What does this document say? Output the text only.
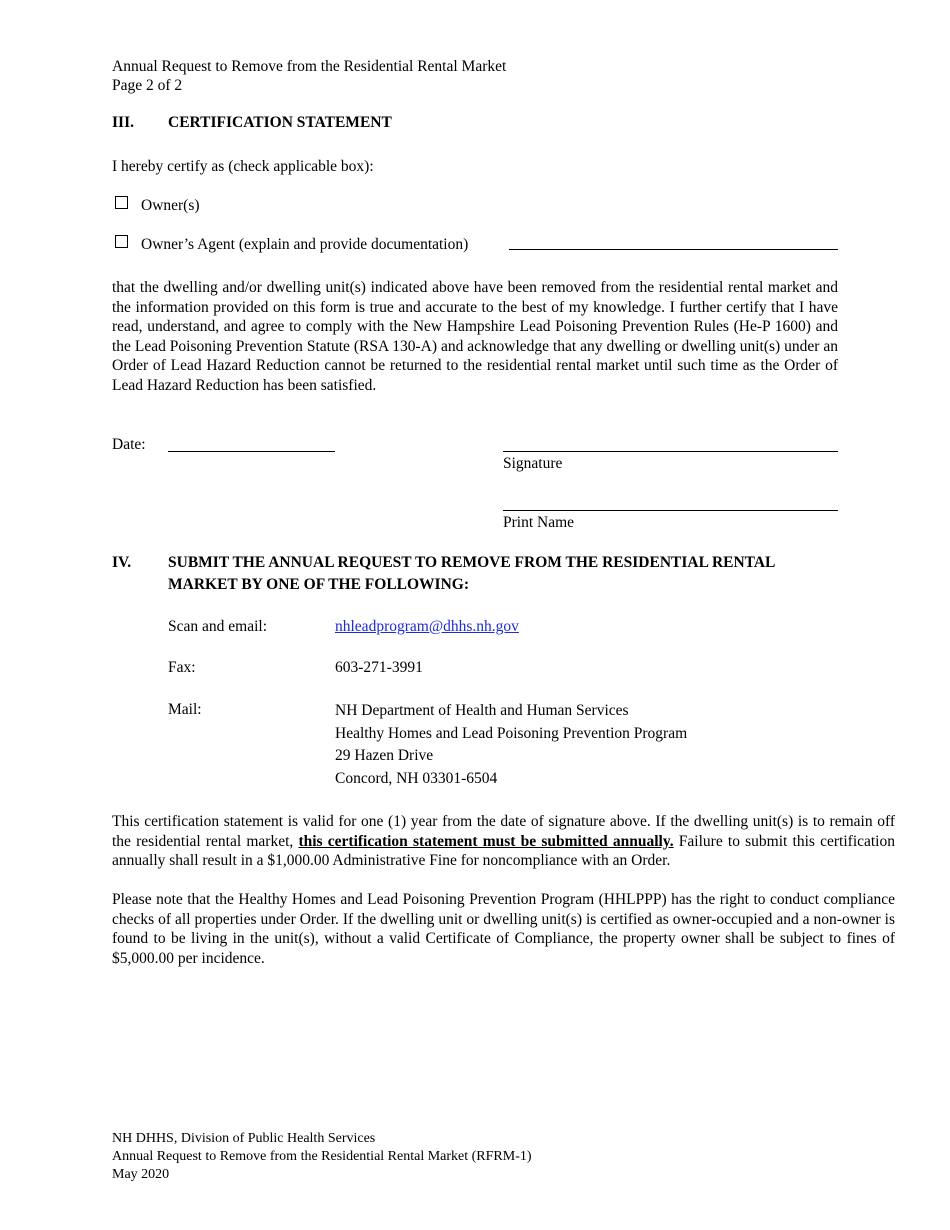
Annual Request to Remove from the Residential Rental Market
Page 2 of 2
III. CERTIFICATION STATEMENT
I hereby certify as (check applicable box):
Owner(s)
Owner’s Agent (explain and provide documentation)
that the dwelling and/or dwelling unit(s) indicated above have been removed from the residential rental market and the information provided on this form is true and accurate to the best of my knowledge. I further certify that I have read, understand, and agree to comply with the New Hampshire Lead Poisoning Prevention Rules (He-P 1600) and the Lead Poisoning Prevention Statute (RSA 130-A) and acknowledge that any dwelling or dwelling unit(s) under an Order of Lead Hazard Reduction cannot be returned to the residential rental market until such time as the Order of Lead Hazard Reduction has been satisfied.
Date:
Signature
Print Name
IV. SUBMIT THE ANNUAL REQUEST TO REMOVE FROM THE RESIDENTIAL RENTAL
MARKET BY ONE OF THE FOLLOWING:
Scan and email:	nhleadprogram@dhhs.nh.gov
Fax:	603-271-3991
Mail:	NH Department of Health and Human Services
Healthy Homes and Lead Poisoning Prevention Program
29 Hazen Drive
Concord, NH 03301-6504
This certification statement is valid for one (1) year from the date of signature above. If the dwelling unit(s) is to remain off the residential rental market, this certification statement must be submitted annually. Failure to submit this certification annually shall result in a $1,000.00 Administrative Fine for noncompliance with an Order.
Please note that the Healthy Homes and Lead Poisoning Prevention Program (HHLPPP) has the right to conduct compliance checks of all properties under Order. If the dwelling unit or dwelling unit(s) is certified as owner-occupied and a non-owner is found to be living in the unit(s), without a valid Certificate of Compliance, the property owner shall be subject to fines of $5,000.00 per incidence.
NH DHHS, Division of Public Health Services
Annual Request to Remove from the Residential Rental Market (RFRM-1)
May 2020
